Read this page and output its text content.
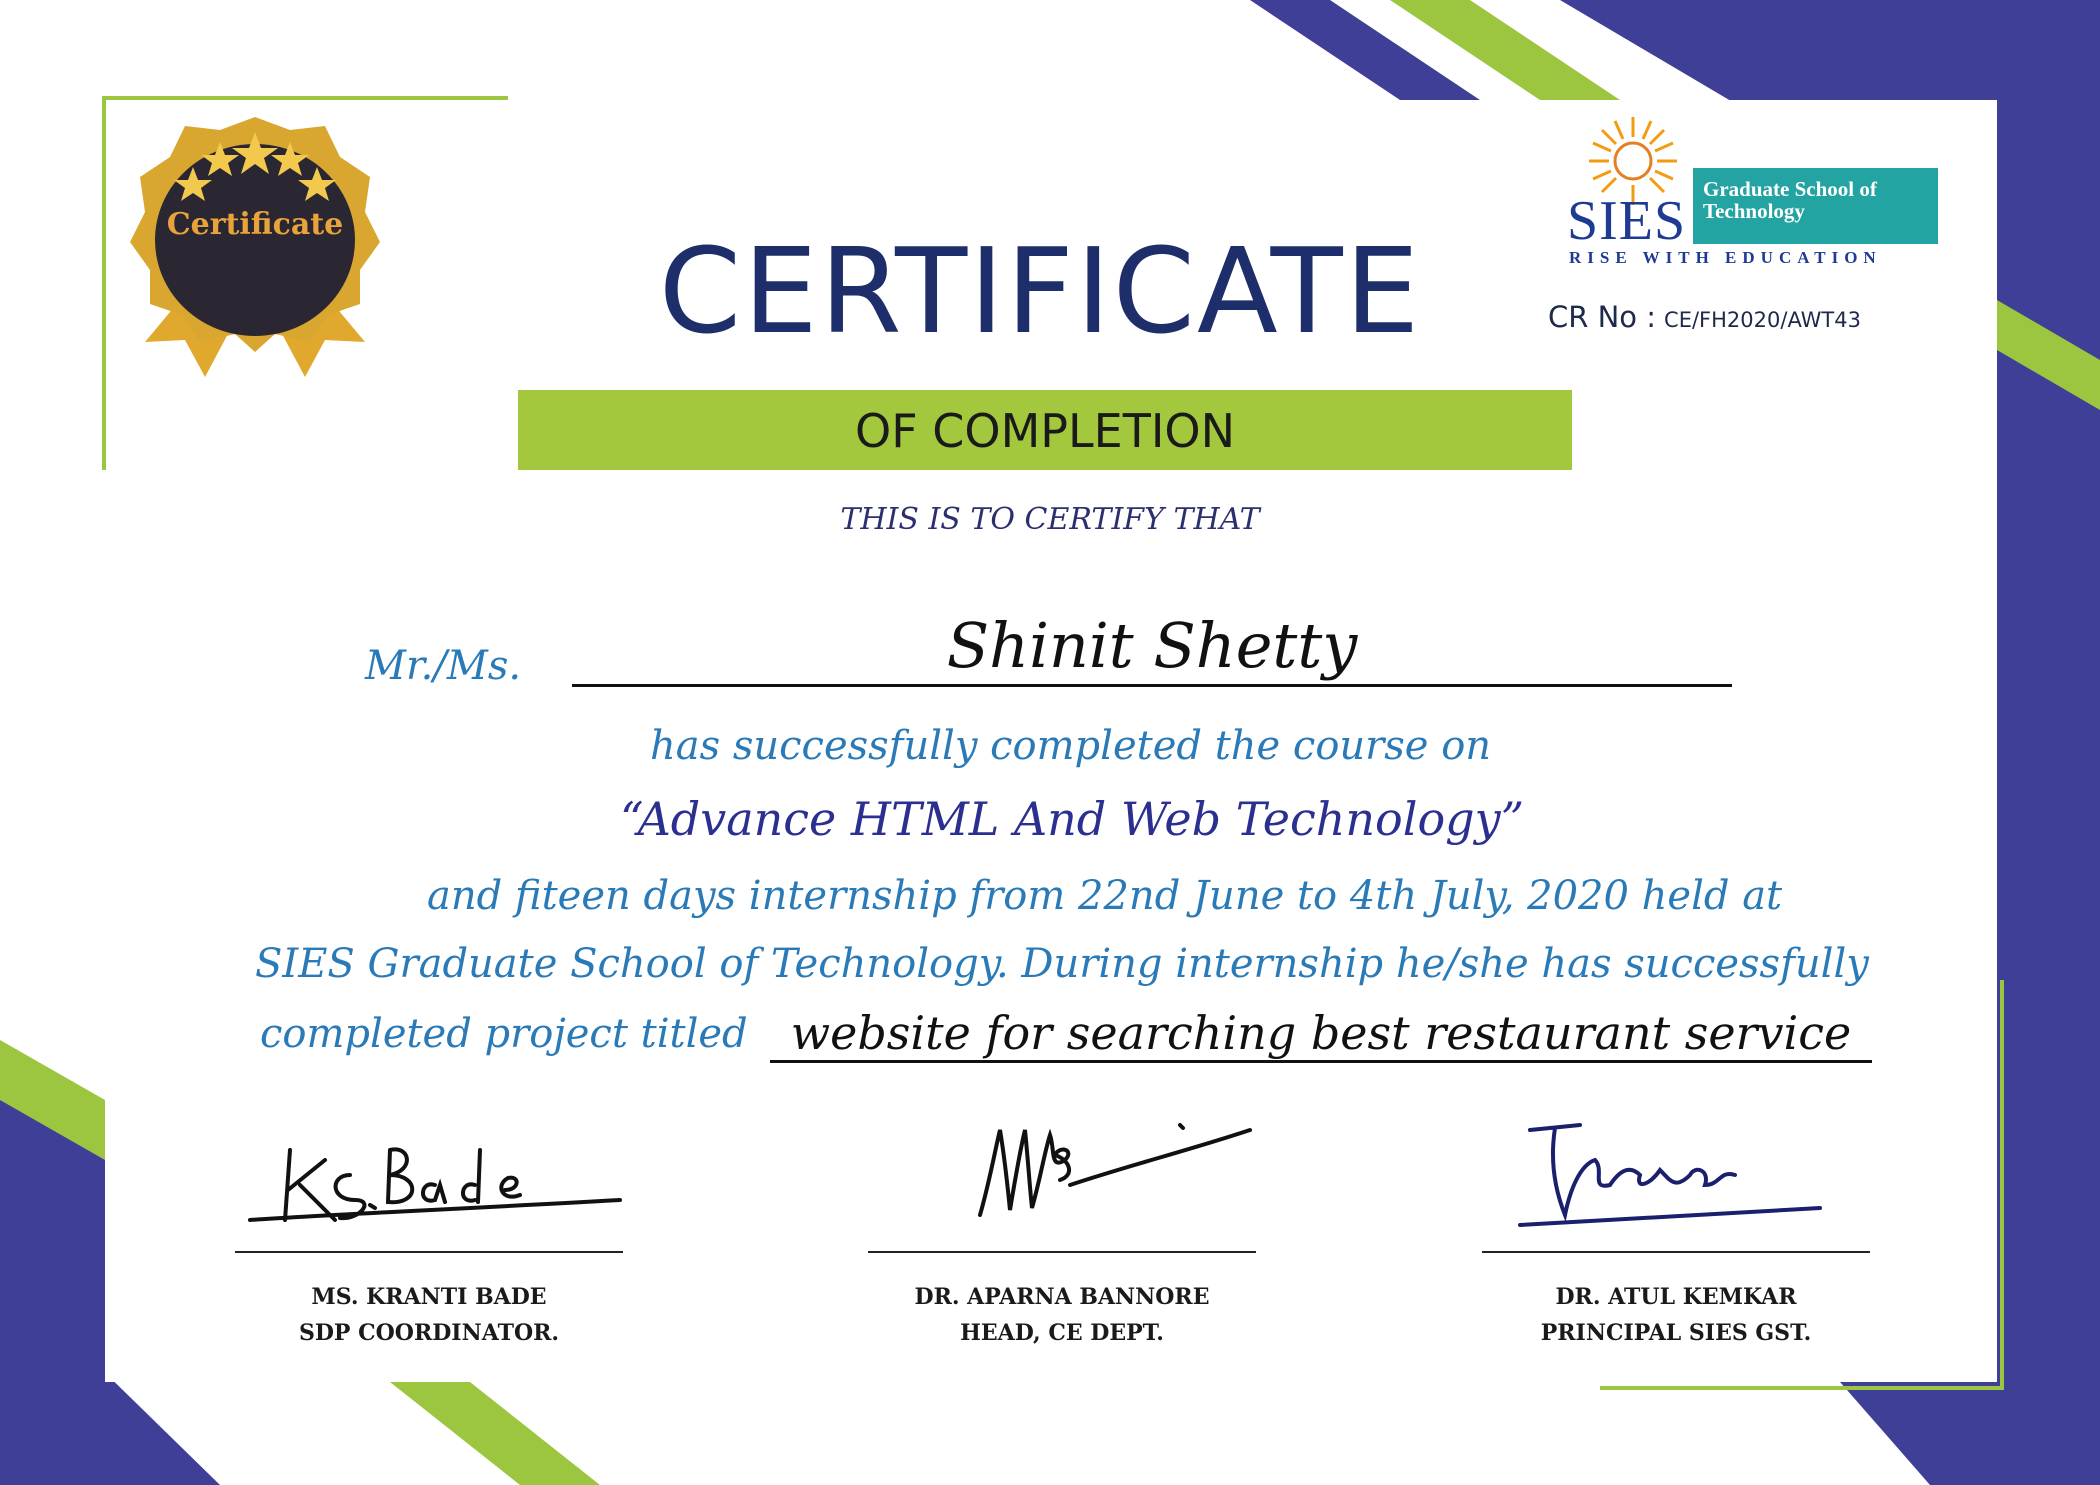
Certificate	SIES
Graduate School of
Technology
RISE WITH EDUCATION
CR No : CE/FH2020/AWT43
CERTIFICATE
OF COMPLETION
THIS IS TO CERTIFY THAT
Mr./Ms.	Shinit Shetty
has successfully completed the course on
“Advance HTML And Web Technology”
and fiteen days internship from 22nd June to 4th July, 2020 held at
SIES Graduate School of Technology. During internship he/she has successfully
completed project titled website for searching best restaurant service
MS. KRANTI BADE
SDP COORDINATOR.
DR. APARNA BANNORE
HEAD, CE DEPT.
DR. ATUL KEMKAR
PRINCIPAL SIES GST.
